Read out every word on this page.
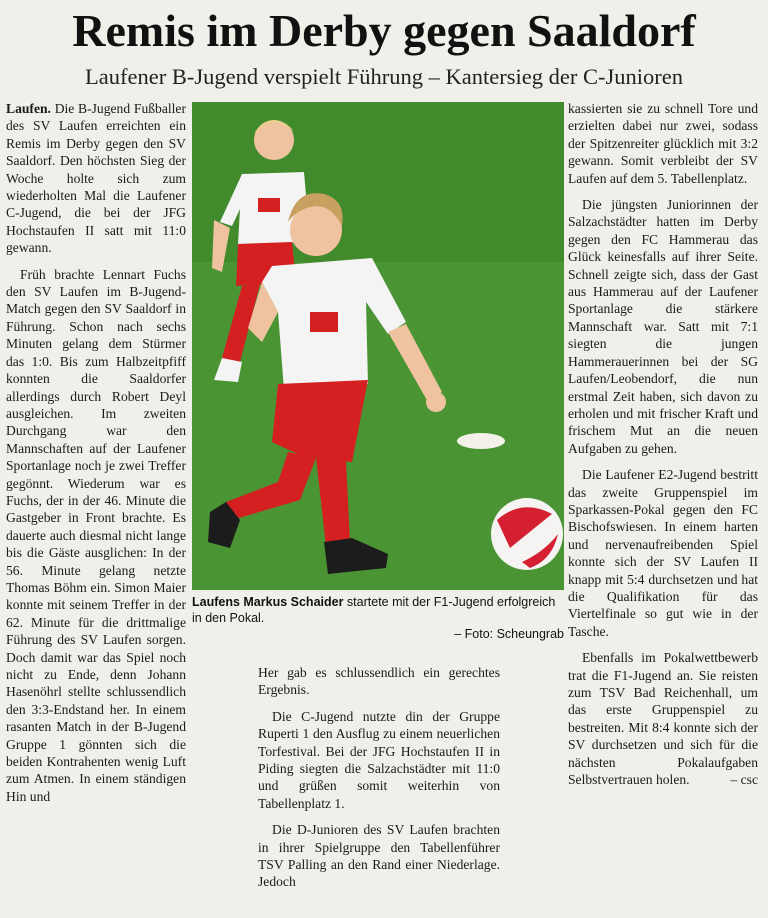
Remis im Derby gegen Saaldorf
Laufener B-Jugend verspielt Führung – Kantersieg der C-Junioren

Laufen. Die B-Jugend Fußballer des SV Laufen erreichten ein Remis im Derby gegen den SV Saaldorf. Den höchsten Sieg der Woche holte sich zum wiederholten Mal die Laufener C-Jugend, die bei der JFG Hochstaufen II satt mit 11:0 gewann.

Früh brachte Lennart Fuchs den SV Laufen im B-Jugend-Match gegen den SV Saaldorf in Führung. Schon nach sechs Minuten gelang dem Stürmer das 1:0. Bis zum Halbzeitpfiff konnten die Saaldorfer allerdings durch Robert Deyl ausgleichen. Im zweiten Durchgang war den Mannschaften auf der Laufener Sportanlage noch je zwei Treffer gegönnt. Wiederum war es Fuchs, der in der 46. Minute die Gastgeber in Front brachte. Es dauerte auch diesmal nicht lange bis die Gäste ausglichen: In der 56. Minute gelang netzte Thomas Böhm ein. Simon Maier konnte mit seinem Treffer in der 62. Minute für die drittmalige Führung des SV Laufen sorgen. Doch damit war das Spiel noch nicht zu Ende, denn Johann Hasenöhrl stellte schlussendlich den 3:3-Endstand her. In einem rasanten Match in der B-Jugend Gruppe 1 gönnten sich die beiden Kontrahenten wenig Luft zum Atmen. In einem ständigen Hin und

Laufens Markus Schaider startete mit der F1-Jugend erfolgreich in den Pokal.
– Foto: Scheungrab

Her gab es schlussendlich ein gerechtes Ergebnis.

Die C-Jugend nutzte din der Gruppe Ruperti 1 den Ausflug zu einem neuerlichen Torfestival. Bei der JFG Hochstaufen II in Piding siegten die Salzachstädter mit 11:0 und grüßen somit weiterhin von Tabellenplatz 1.

Die D-Junioren des SV Laufen brachten in ihrer Spielgruppe den Tabellenführer TSV Palling an den Rand einer Niederlage. Jedoch

kassierten sie zu schnell Tore und erzielten dabei nur zwei, sodass der Spitzenreiter glücklich mit 3:2 gewann. Somit verbleibt der SV Laufen auf dem 5. Tabellenplatz.

Die jüngsten Juniorinnen der Salzachstädter hatten im Derby gegen den FC Hammerau das Glück keinesfalls auf ihrer Seite. Schnell zeigte sich, dass der Gast aus Hammerau auf der Laufener Sportanlage die stärkere Mannschaft war. Satt mit 7:1 siegten die jungen Hammerauerinnen bei der SG Laufen/Leobendorf, die nun erstmal Zeit haben, sich davon zu erholen und mit frischer Kraft und frischem Mut an die neuen Aufgaben zu gehen.

Die Laufener E2-Jugend bestritt das zweite Gruppenspiel im Sparkassen-Pokal gegen den FC Bischofswiesen. In einem harten und nervenaufreibenden Spiel konnte sich der SV Laufen II knapp mit 5:4 durchsetzen und hat die Qualifikation für das Viertelfinale so gut wie in der Tasche.

Ebenfalls im Pokalwettbewerb trat die F1-Jugend an. Sie reisten zum TSV Bad Reichenhall, um das erste Gruppenspiel zu bestreiten. Mit 8:4 konnte sich der SV durchsetzen und sich für die nächsten Pokalaufgaben Selbstvertrauen holen.	– csc
